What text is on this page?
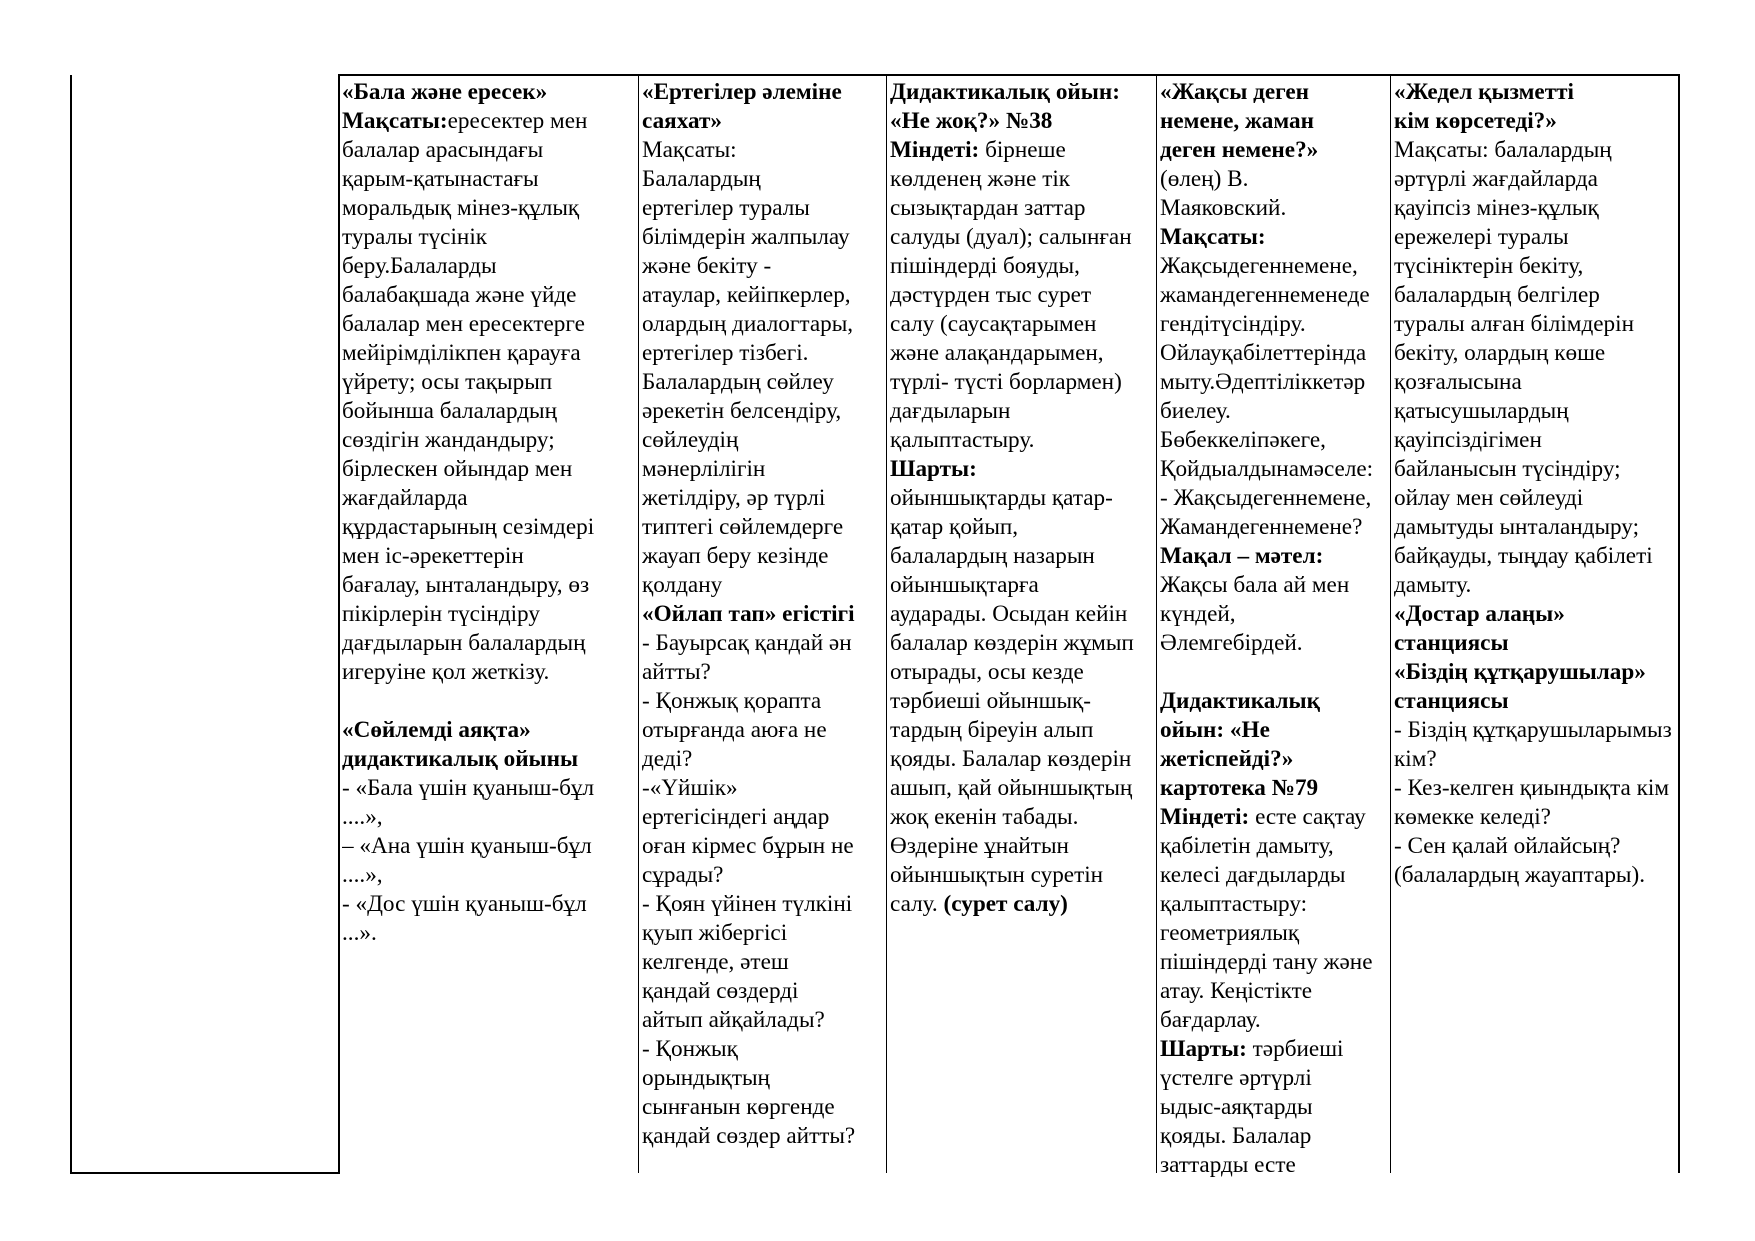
«Бала және ересек»
Мақсаты:ересектер мен
балалар арасындағы
қарым-қатынастағы
моральдық мінез-құлық
туралы түсінік
беру.Балаларды
балабақшада және үйде
балалар мен ересектерге
мейірімділікпен қарауға
үйрету; осы тақырып
бойынша балалардың
сөздігін жандандыру;
бірлескен ойындар мен
жағдайларда
құрдастарының сезімдері
мен іс-әрекеттерін
бағалау, ынталандыру, өз
пікірлерін түсіндіру
дағдыларын балалардың
игеруіне қол жеткізу.

«Сөйлемді аяқта»
дидактикалық ойыны
- «Бала үшін қуаныш-бұл
....»,
– «Ана үшін қуаныш-бұл
....»,
- «Дос үшін қуаныш-бұл
...».
«Ертегілер әлеміне
саяхат»
Мақсаты:
Балалардың
ертегілер туралы
білімдерін жалпылау
және бекіту -
атаулар, кейіпкерлер,
олардың диалогтары,
ертегілер тізбегі.
Балалардың сөйлеу
әрекетін белсендіру,
сөйлеудің
мәнерлілігін
жетілдіру, әр түрлі
типтегі сөйлемдерге
жауап беру кезінде
қолдану
«Ойлап тап» егістігі
- Бауырсақ қандай ән
айтты?
- Қонжық қорапта
отырғанда аюға не
деді?
-«Үйшік»
ертегісіндегі аңдар
оған кірмес бұрын не
сұрады?
- Қоян үйінен түлкіні
қуып жібергісі
келгенде, әтеш
қандай сөздерді
айтып айқайлады?
- Қонжық
орындықтың
сынғанын көргенде
қандай сөздер айтты?
Дидактикалық ойын:
«Не жоқ?» №38
Міндеті: бірнеше
көлденең және тік
сызықтардан заттар
салуды (дуал); салынған
пішіндерді бояуды,
дәстүрден тыс сурет
салу (саусақтарымен
және алақандарымен,
түрлі- түсті борлармен)
дағдыларын
қалыптастыру.
Шарты:
ойыншықтарды қатар-
қатар қойып,
балалардың назарын
ойыншықтарға
аударады. Осыдан кейін
балалар көздерін жұмып
отырады, осы кезде
тәрбиеші ойыншық-
тардың біреуін алып
қояды. Балалар көздерін
ашып, қай ойыншықтың
жоқ екенін табады.
Өздеріне ұнайтын
ойыншықтын суретін
салу. (сурет салу)
«Жақсы деген
немене, жаман
деген немене?»
(өлең) В.
Маяковский.
Мақсаты:
Жақсыдегеннемене,
жамандегеннеменеде
гендітүсіндіру.
Ойлауқабілеттерінда
мыту.Әдептіліккетәр
биелеу.
Бөбеккеліпәкеге,
Қойдыалдынамәселе:
- Жақсыдегеннемене,
Жамандегеннемене?
Мақал – мәтел:
Жақсы бала ай мен
күндей,
Әлемгебірдей.

Дидактикалық
ойын: «Не
жетіспейді?»
картотека №79
Міндеті: есте сақтау
қабілетін дамыту,
келесі дағдыларды
қалыптастыру:
геометриялық
пішіндерді тану және
атау. Кеңістікте
бағдарлау.
Шарты: тәрбиеші
үстелге әртүрлі
ыдыс-аяқтарды
қояды. Балалар
заттарды есте
«Жедел қызметті
кім көрсетеді?»
Мақсаты: балалардың
әртүрлі жағдайларда
қауіпсіз мінез-құлық
ережелері туралы
түсініктерін бекіту,
балалардың белгілер
туралы алған білімдерін
бекіту, олардың көше
қозғалысына
қатысушылардың
қауіпсіздігімен
байланысын түсіндіру;
ойлау мен сөйлеуді
дамытуды ынталандыру;
байқауды, тыңдау қабілеті
дамыту.
«Достар алаңы»
станциясы
«Біздің құтқарушылар»
станциясы
- Біздің құтқарушыларымыз
кім?
- Кез-келген қиындықта кім
көмекке келеді?
- Сен қалай ойлайсың?
(балалардың жауаптары).
